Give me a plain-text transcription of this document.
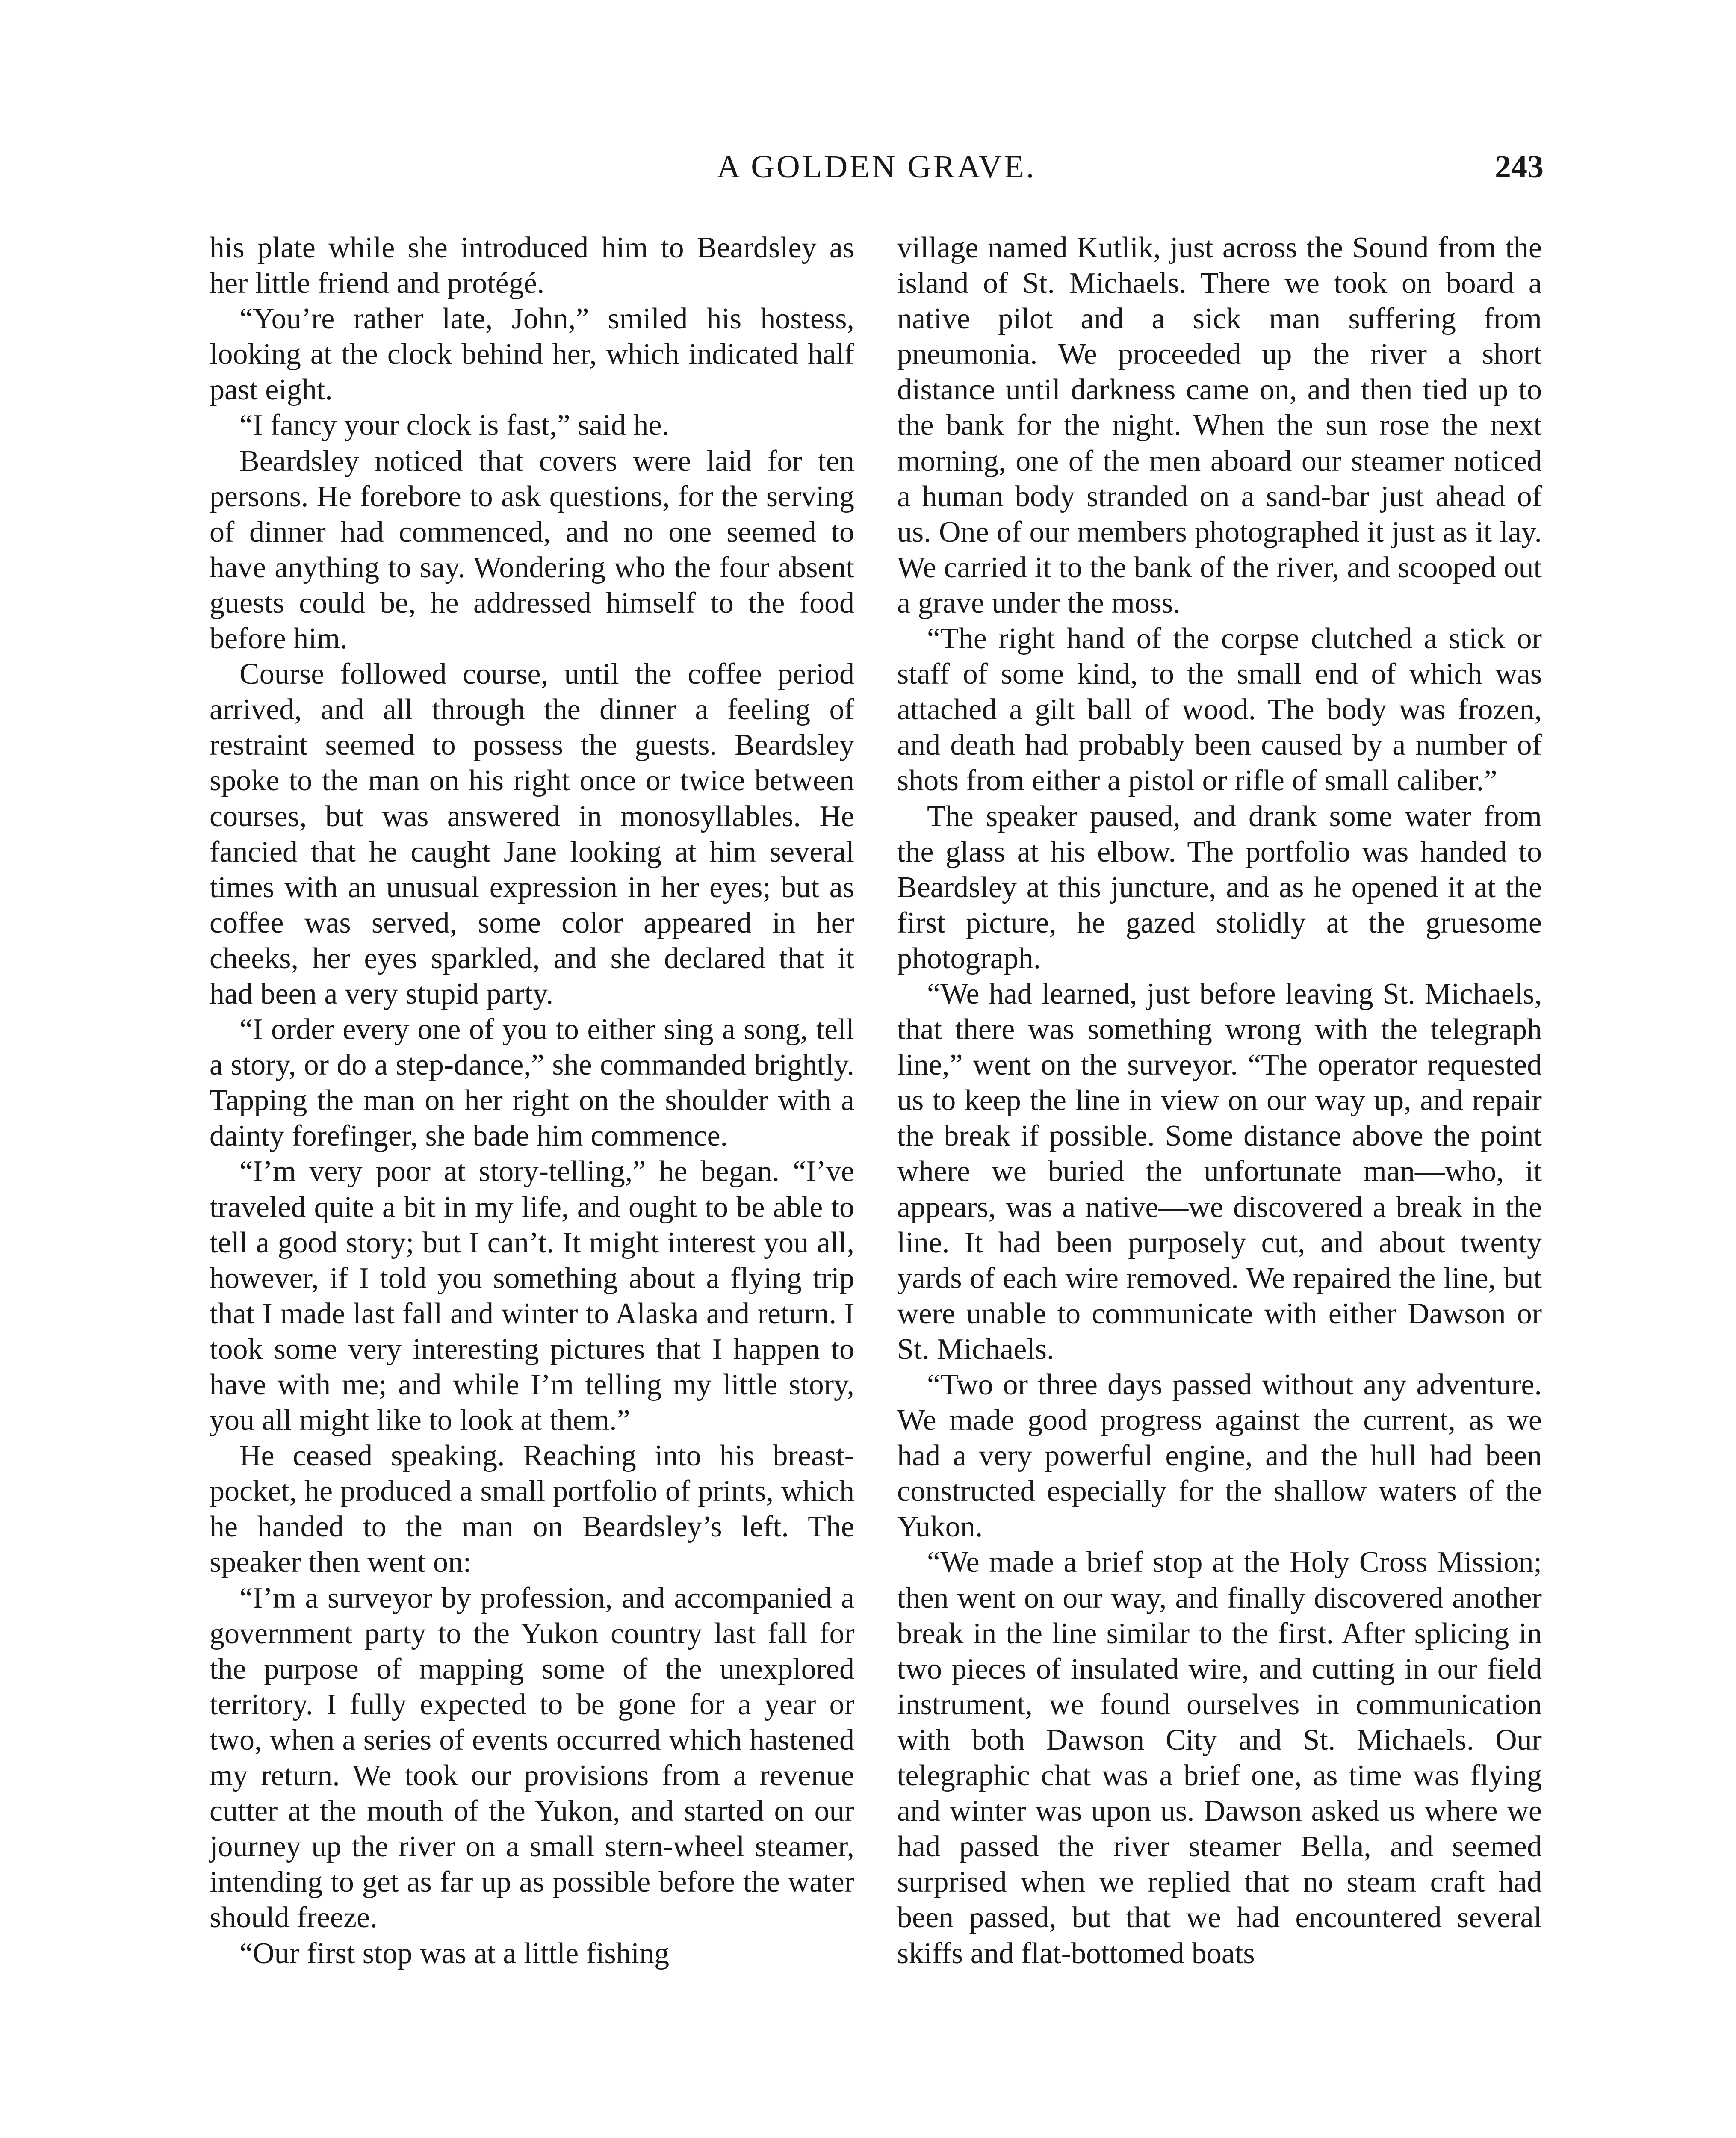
A GOLDEN GRAVE.	243

his plate while she introduced him to Beardsley as her little friend and protégé.

“You’re rather late, John,” smiled his hostess, looking at the clock behind her, which indicated half past eight.

“I fancy your clock is fast,” said he.

Beardsley noticed that covers were laid for ten persons. He forebore to ask questions, for the serving of dinner had commenced, and no one seemed to have anything to say. Wondering who the four absent guests could be, he addressed himself to the food before him.

Course followed course, until the coffee period arrived, and all through the dinner a feeling of restraint seemed to possess the guests. Beardsley spoke to the man on his right once or twice between courses, but was answered in monosyllables. He fancied that he caught Jane looking at him several times with an unusual expression in her eyes; but as coffee was served, some color appeared in her cheeks, her eyes sparkled, and she declared that it had been a very stupid party.

“I order every one of you to either sing a song, tell a story, or do a step-dance,” she commanded brightly. Tapping the man on her right on the shoulder with a dainty forefinger, she bade him commence.

“I’m very poor at story-telling,” he began. “I’ve traveled quite a bit in my life, and ought to be able to tell a good story; but I can’t. It might interest you all, however, if I told you something about a flying trip that I made last fall and winter to Alaska and return. I took some very interesting pictures that I happen to have with me; and while I’m telling my little story, you all might like to look at them.”

He ceased speaking. Reaching into his breast-pocket, he produced a small portfolio of prints, which he handed to the man on Beardsley’s left. The speaker then went on:

“I’m a surveyor by profession, and accompanied a government party to the Yukon country last fall for the purpose of mapping some of the unexplored territory. I fully expected to be gone for a year or two, when a series of events occurred which hastened my return. We took our provisions from a revenue cutter at the mouth of the Yukon, and started on our journey up the river on a small stern-wheel steamer, intending to get as far up as possible before the water should freeze.

“Our first stop was at a little fishing

village named Kutlik, just across the Sound from the island of St. Michaels. There we took on board a native pilot and a sick man suffering from pneumonia. We proceeded up the river a short distance until darkness came on, and then tied up to the bank for the night. When the sun rose the next morning, one of the men aboard our steamer noticed a human body stranded on a sand-bar just ahead of us. One of our members photographed it just as it lay. We carried it to the bank of the river, and scooped out a grave under the moss.

“The right hand of the corpse clutched a stick or staff of some kind, to the small end of which was attached a gilt ball of wood. The body was frozen, and death had probably been caused by a number of shots from either a pistol or rifle of small caliber.”

The speaker paused, and drank some water from the glass at his elbow. The portfolio was handed to Beardsley at this juncture, and as he opened it at the first picture, he gazed stolidly at the gruesome photograph.

“We had learned, just before leaving St. Michaels, that there was something wrong with the telegraph line,” went on the surveyor. “The operator requested us to keep the line in view on our way up, and repair the break if possible. Some distance above the point where we buried the unfortunate man—who, it appears, was a native—we discovered a break in the line. It had been purposely cut, and about twenty yards of each wire removed. We repaired the line, but were unable to communicate with either Dawson or St. Michaels.

“Two or three days passed without any adventure. We made good progress against the current, as we had a very powerful engine, and the hull had been constructed especially for the shallow waters of the Yukon.

“We made a brief stop at the Holy Cross Mission; then went on our way, and finally discovered another break in the line similar to the first. After splicing in two pieces of insulated wire, and cutting in our field instrument, we found ourselves in communication with both Dawson City and St. Michaels. Our telegraphic chat was a brief one, as time was flying and winter was upon us. Dawson asked us where we had passed the river steamer Bella, and seemed surprised when we replied that no steam craft had been passed, but that we had encountered several skiffs and flat-bottomed boats
